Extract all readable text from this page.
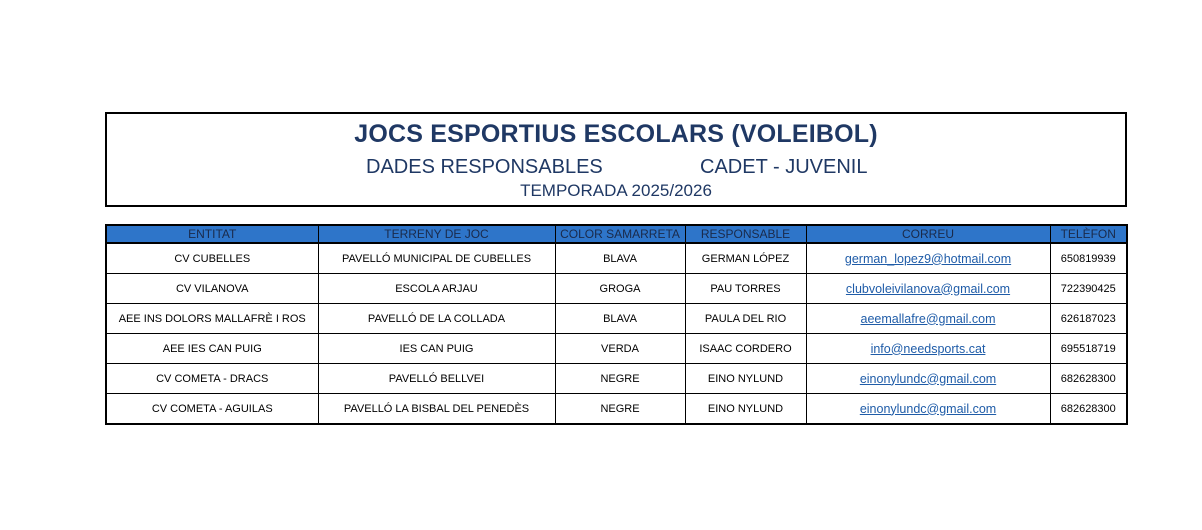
JOCS ESPORTIUS ESCOLARS (VOLEIBOL)
DADES RESPONSABLES	CADET - JUVENIL
TEMPORADA 2025/2026
ENTITAT	TERRENY DE JOC	COLOR SAMARRETA	RESPONSABLE	CORREU	TELÈFON
CV CUBELLES	PAVELLÓ MUNICIPAL DE CUBELLES	BLAVA	GERMAN LÓPEZ	german_lopez9@hotmail.com	650819939
CV VILANOVA	ESCOLA ARJAU	GROGA	PAU TORRES	clubvoleivilanova@gmail.com	722390425
AEE INS DOLORS MALLAFRÈ I ROS	PAVELLÓ DE LA COLLADA	BLAVA	PAULA DEL RIO	aeemallafre@gmail.com	626187023
AEE IES CAN PUIG	IES CAN PUIG	VERDA	ISAAC CORDERO	info@needsports.cat	695518719
CV COMETA - DRACS	PAVELLÓ BELLVEI	NEGRE	EINO NYLUND	einonylundc@gmail.com	682628300
CV COMETA - AGUILAS	PAVELLÓ LA BISBAL DEL PENEDÈS	NEGRE	EINO NYLUND	einonylundc@gmail.com	682628300
